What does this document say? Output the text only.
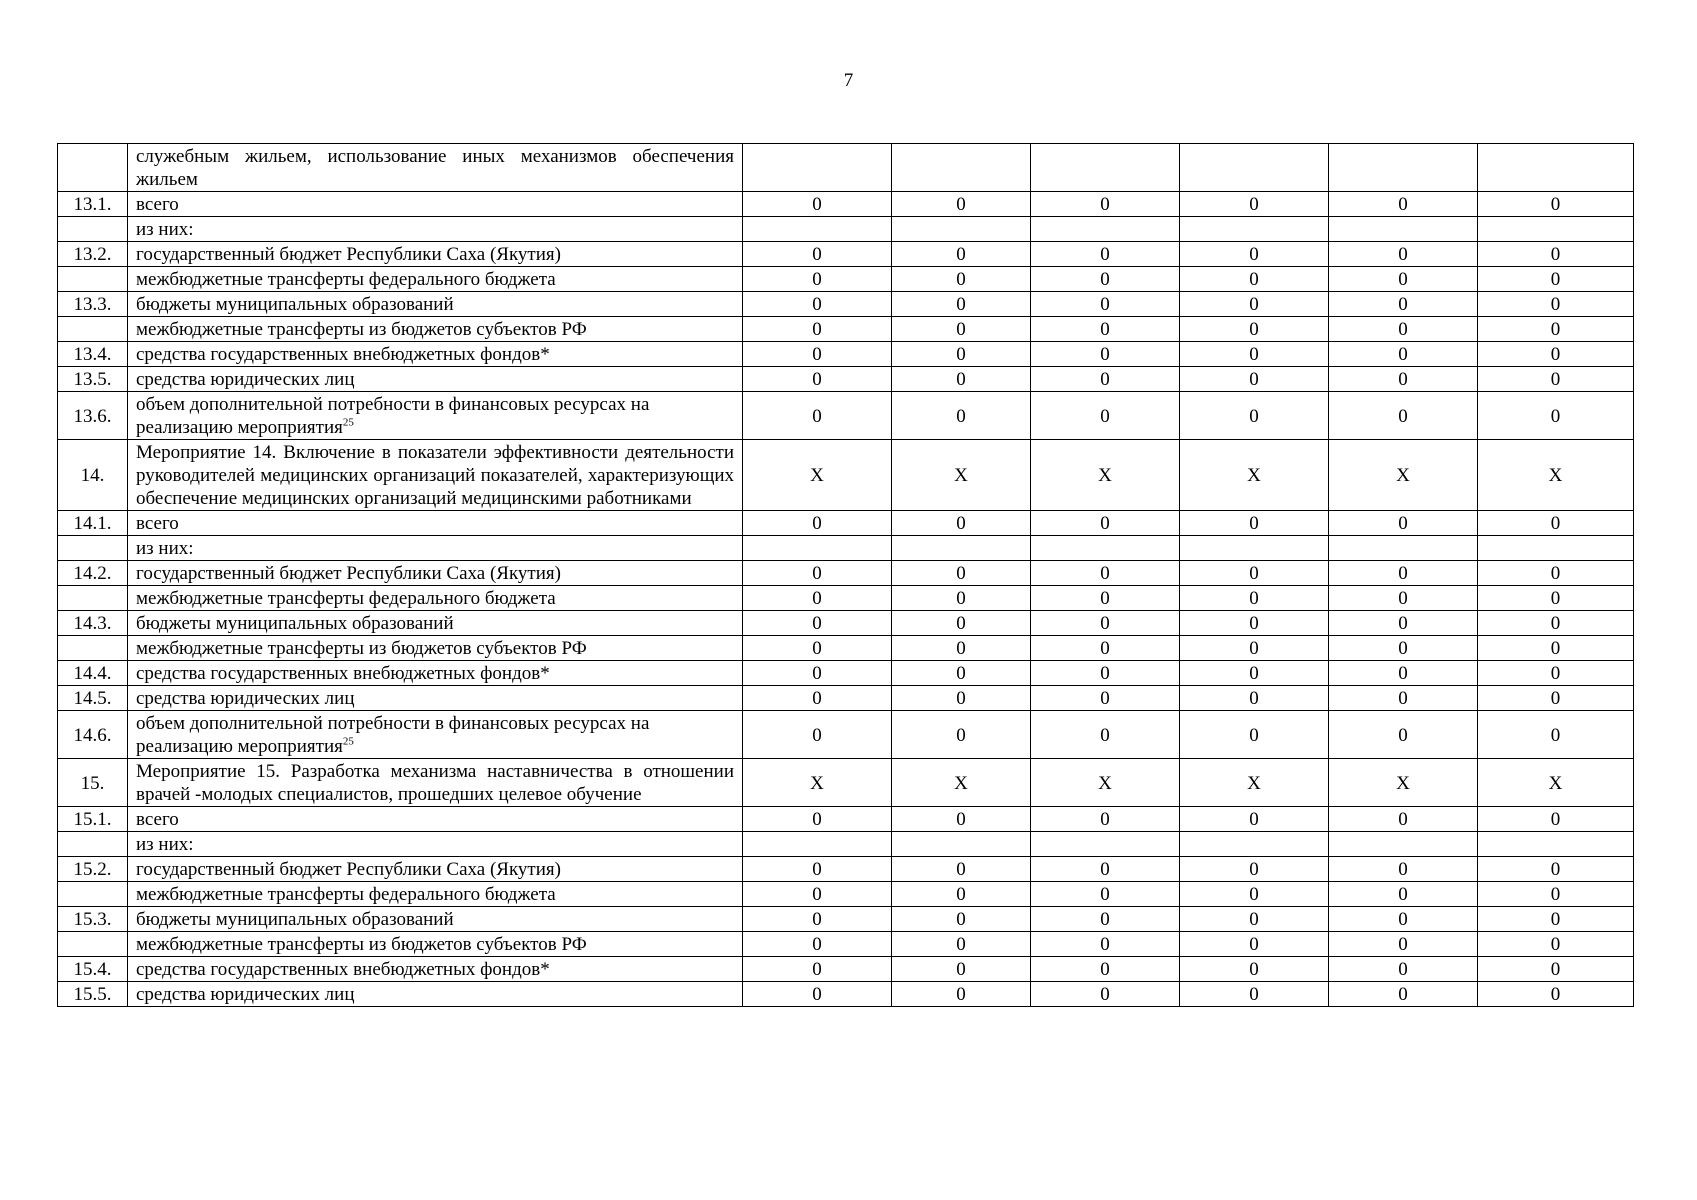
7
	служебным жильем, использование иных механизмов обеспечения жильем						
13.1.	всего	0	0	0	0	0	0
	из них:						
13.2.	государственный бюджет Республики Саха (Якутия)	0	0	0	0	0	0
	межбюджетные трансферты федерального бюджета	0	0	0	0	0	0
13.3.	бюджеты муниципальных образований	0	0	0	0	0	0
	межбюджетные трансферты из бюджетов субъектов РФ	0	0	0	0	0	0
13.4.	средства государственных внебюджетных фондов*	0	0	0	0	0	0
13.5.	средства юридических лиц	0	0	0	0	0	0
13.6.	объем дополнительной потребности в финансовых ресурсах на реализацию мероприятия$^{25}$	0	0	0	0	0	0
14.	Мероприятие 14. Включение в показатели эффективности деятельности руководителей медицинских организаций показателей, характеризующих обеспечение медицинских организаций медицинскими работниками	X	X	X	X	X	X
14.1.	всего	0	0	0	0	0	0
	из них:						
14.2.	государственный бюджет Республики Саха (Якутия)	0	0	0	0	0	0
	межбюджетные трансферты федерального бюджета	0	0	0	0	0	0
14.3.	бюджеты муниципальных образований	0	0	0	0	0	0
	межбюджетные трансферты из бюджетов субъектов РФ	0	0	0	0	0	0
14.4.	средства государственных внебюджетных фондов*	0	0	0	0	0	0
14.5.	средства юридических лиц	0	0	0	0	0	0
14.6.	объем дополнительной потребности в финансовых ресурсах на реализацию мероприятия$^{25}$	0	0	0	0	0	0
15.	Мероприятие 15. Разработка механизма наставничества в отношении врачей -молодых специалистов, прошедших целевое обучение	X	X	X	X	X	X
15.1.	всего	0	0	0	0	0	0
	из них:						
15.2.	государственный бюджет Республики Саха (Якутия)	0	0	0	0	0	0
	межбюджетные трансферты федерального бюджета	0	0	0	0	0	0
15.3.	бюджеты муниципальных образований	0	0	0	0	0	0
	межбюджетные трансферты из бюджетов субъектов РФ	0	0	0	0	0	0
15.4.	средства государственных внебюджетных фондов*	0	0	0	0	0	0
15.5.	средства юридических лиц	0	0	0	0	0	0
